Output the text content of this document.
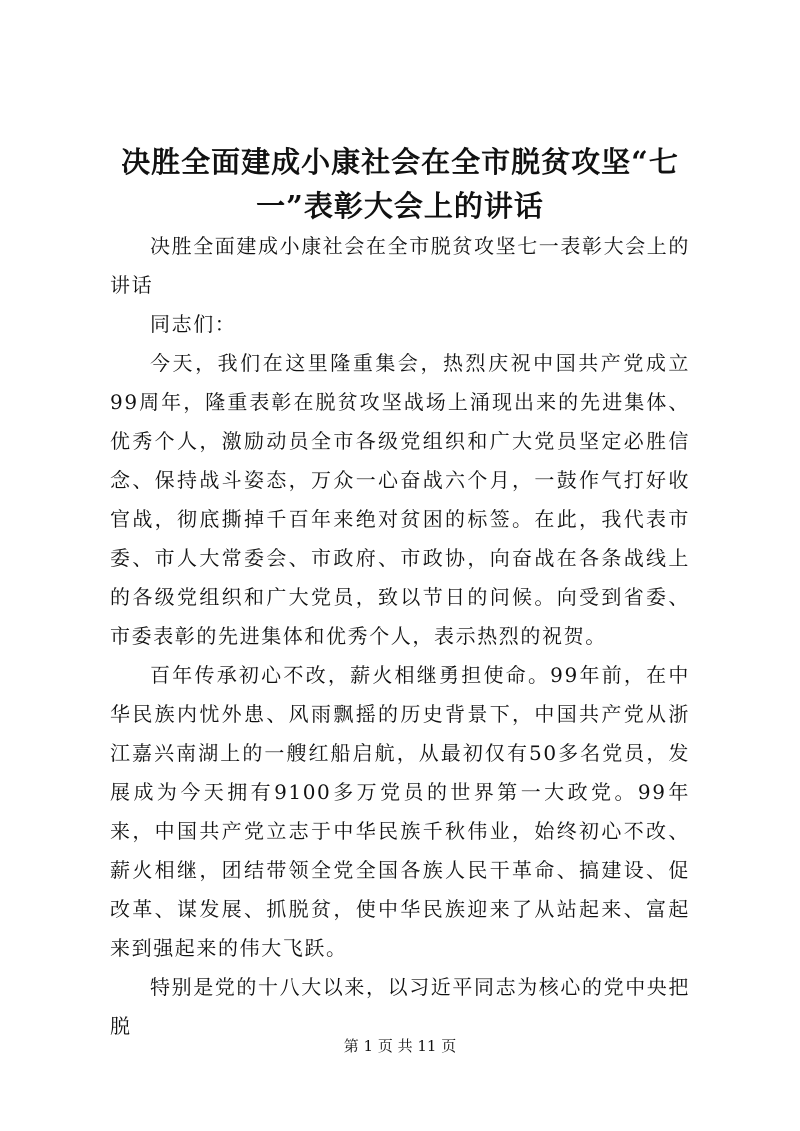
决胜全面建成小康社会在全市脱贫攻坚“七
一”表彰大会上的讲话

决胜全面建成小康社会在全市脱贫攻坚七一表彰大会上的讲话

同志们：

今天，我们在这里隆重集会，热烈庆祝中国共产党成立99周年，隆重表彰在脱贫攻坚战场上涌现出来的先进集体、优秀个人，激励动员全市各级党组织和广大党员坚定必胜信念、保持战斗姿态，万众一心奋战六个月，一鼓作气打好收官战，彻底撕掉千百年来绝对贫困的标签。在此，我代表市委、市人大常委会、市政府、市政协，向奋战在各条战线上的各级党组织和广大党员，致以节日的问候。向受到省委、市委表彰的先进集体和优秀个人，表示热烈的祝贺。

百年传承初心不改，薪火相继勇担使命。99年前，在中华民族内忧外患、风雨飘摇的历史背景下，中国共产党从浙江嘉兴南湖上的一艘红船启航，从最初仅有50多名党员，发展成为今天拥有9100多万党员的世界第一大政党。99年来，中国共产党立志于中华民族千秋伟业，始终初心不改、薪火相继，团结带领全党全国各族人民干革命、搞建设、促改革、谋发展、抓脱贫，使中华民族迎来了从站起来、富起来到强起来的伟大飞跃。

特别是党的十八大以来，以习近平同志为核心的党中央把脱

第 1 页 共 11 页
